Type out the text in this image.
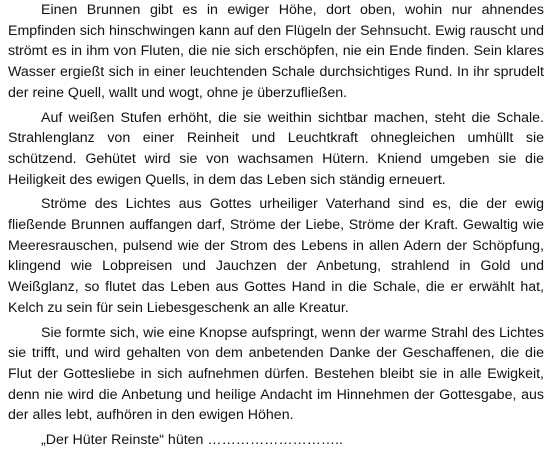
Einen Brunnen gibt es in ewiger Höhe, dort oben, wohin nur ahnendes Empfinden sich hinschwingen kann auf den Flügeln der Sehnsucht. Ewig rauscht und strömt es in ihm von Fluten, die nie sich erschöpfen, nie ein Ende finden. Sein klares Wasser ergießt sich in einer leuchtenden Schale durchsichtiges Rund. In ihr sprudelt der reine Quell, wallt und wogt, ohne je überzufließen.

Auf weißen Stufen erhöht, die sie weithin sichtbar machen, steht die Schale. Strahlenglanz von einer Reinheit und Leuchtkraft ohnegleichen umhüllt sie schützend. Gehütet wird sie von wachsamen Hütern. Kniend umgeben sie die Heiligkeit des ewigen Quells, in dem das Leben sich ständig erneuert.

Ströme des Lichtes aus Gottes urheiliger Vaterhand sind es, die der ewig fließende Brunnen auffangen darf, Ströme der Liebe, Ströme der Kraft. Gewaltig wie Meeresrauschen, pulsend wie der Strom des Lebens in allen Adern der Schöpfung, klingend wie Lobpreisen und Jauchzen der Anbetung, strahlend in Gold und Weißglanz, so flutet das Leben aus Gottes Hand in die Schale, die er erwählt hat, Kelch zu sein für sein Liebesgeschenk an alle Kreatur.

Sie formte sich, wie eine Knopse aufspringt, wenn der warme Strahl des Lichtes sie trifft, und wird gehalten von dem anbetenden Danke der Geschaffenen, die die Flut der Gottesliebe in sich aufnehmen dürfen. Bestehen bleibt sie in alle Ewigkeit, denn nie wird die Anbetung und heilige Andacht im Hinnehmen der Gottesgabe, aus der alles lebt, aufhören in den ewigen Höhen.

„Der Hüter Reinste“ hüten ………………………..
